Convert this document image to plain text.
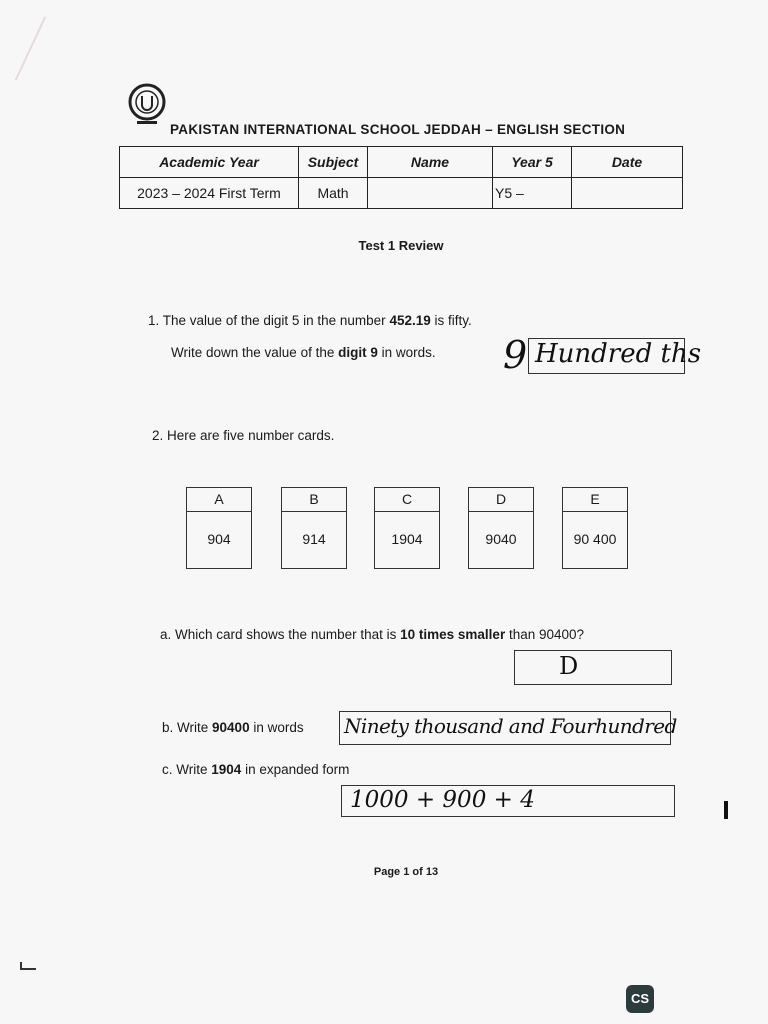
PAKISTAN INTERNATIONAL SCHOOL JEDDAH – ENGLISH SECTION
Academic Year	Subject	Name	Year 5	Date
2023 – 2024 First Term	Math		Y5 –	
Test 1 Review
1. The value of the digit 5 in the number 452.19 is fifty.
Write down the value of the digit 9 in words. 9 Hundred ths
2. Here are five number cards.
A
904
B
914
C
1904
D
9040
E
90 400
a. Which card shows the number that is 10 times smaller than 90400?
D
b. Write 90400 in words Ninety thousand and Fourhundred
c. Write 1904 in expanded form
1000 + 900 + 4
Page 1 of 13
CS
